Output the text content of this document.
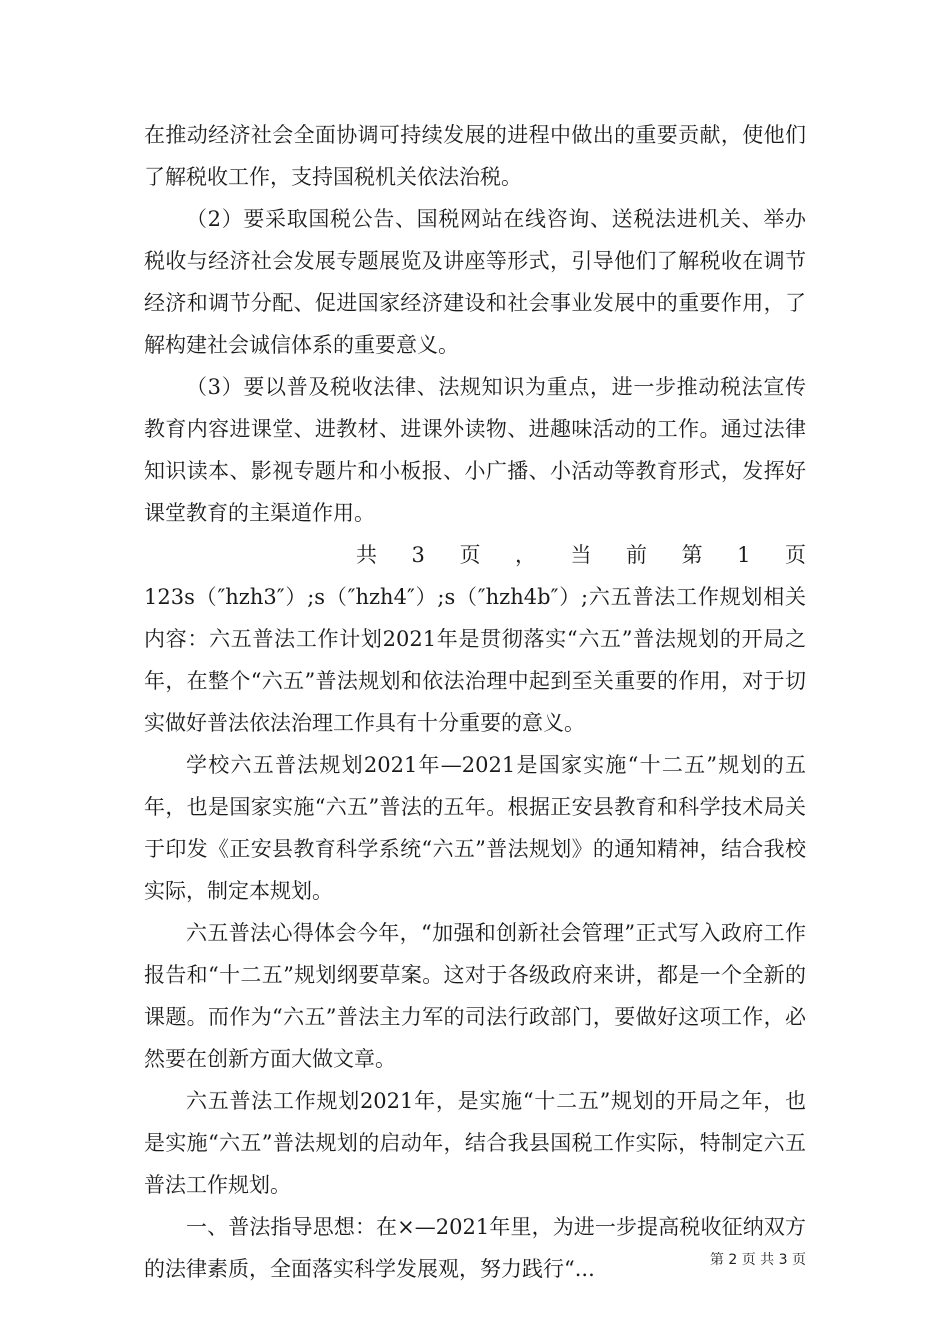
在推动经济社会全面协调可持续发展的进程中做出的重要贡献，使他们了解税收工作，支持国税机关依法治税。

（2）要采取国税公告、国税网站在线咨询、送税法进机关、举办税收与经济社会发展专题展览及讲座等形式，引导他们了解税收在调节经济和调节分配、促进国家经济建设和社会事业发展中的重要作用，了解构建社会诚信体系的重要意义。

（3）要以普及税收法律、法规知识为重点，进一步推动税法宣传教育内容进课堂、进教材、进课外读物、进趣味活动的工作。通过法律知识读本、影视专题片和小板报、小广播、小活动等教育形式，发挥好课堂教育的主渠道作用。

共 3 页 ， 当 前 第 1 页

123s（″hzh3″）;s（″hzh4″）;s（″hzh4b″）;六五普法工作规划相关内容：六五普法工作计划2021年是贯彻落实“六五”普法规划的开局之年，在整个“六五”普法规划和依法治理中起到至关重要的作用，对于切实做好普法依法治理工作具有十分重要的意义。

学校六五普法规划2021年—2021是国家实施“十二五”规划的五年，也是国家实施“六五”普法的五年。根据正安县教育和科学技术局关于印发《正安县教育科学系统“六五”普法规划》的通知精神，结合我校实际，制定本规划。

六五普法心得体会今年，“加强和创新社会管理”正式写入政府工作报告和“十二五”规划纲要草案。这对于各级政府来讲，都是一个全新的课题。而作为“六五”普法主力军的司法行政部门，要做好这项工作，必然要在创新方面大做文章。

六五普法工作规划2021年，是实施“十二五”规划的开局之年，也是实施“六五”普法规划的启动年，结合我县国税工作实际，特制定六五普法工作规划。

一、普法指导思想：在×—2021年里，为进一步提高税收征纳双方的法律素质，全面落实科学发展观，努力践行“...	第 2 页 共 3 页
